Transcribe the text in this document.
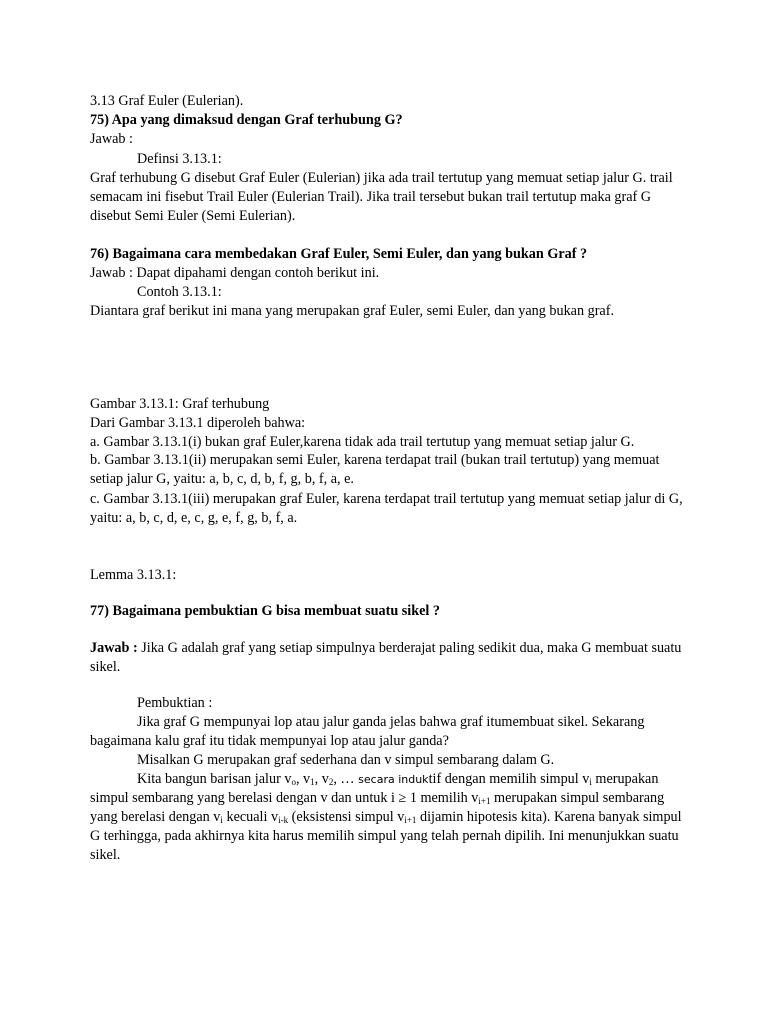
3.13 Graf Euler (Eulerian).

75) Apa yang dimaksud dengan Graf terhubung G?

Jawab :

Definsi 3.13.1:

Graf terhubung G disebut Graf Euler (Eulerian) jika ada trail tertutup yang memuat setiap jalur G. trail semacam ini fisebut Trail Euler (Eulerian Trail). Jika trail tersebut bukan trail tertutup maka graf G disebut Semi Euler (Semi Eulerian).

76) Bagaimana cara membedakan Graf Euler, Semi Euler, dan yang bukan Graf ?

Jawab : Dapat dipahami dengan contoh berikut ini.

Contoh 3.13.1:

Diantara graf berikut ini mana yang merupakan graf Euler, semi Euler, dan yang bukan graf.

Gambar 3.13.1: Graf terhubung

Dari Gambar 3.13.1 diperoleh bahwa:

a. Gambar 3.13.1(i) bukan graf Euler,karena tidak ada trail tertutup yang memuat setiap jalur G.

b. Gambar 3.13.1(ii) merupakan semi Euler, karena terdapat trail (bukan trail tertutup) yang memuat setiap jalur G, yaitu: a, b, c, d, b, f, g, b, f, a, e.

c. Gambar 3.13.1(iii) merupakan graf Euler, karena terdapat trail tertutup yang memuat setiap jalur di G, yaitu: a, b, c, d, e, c, g, e, f, g, b, f, a.

Lemma 3.13.1:

77) Bagaimana pembuktian G bisa membuat suatu sikel ?

Jawab : Jika G adalah graf yang setiap simpulnya berderajat paling sedikit dua, maka G membuat suatu sikel.

Pembuktian :

Jika graf G mempunyai lop atau jalur ganda jelas bahwa graf itumembuat sikel. Sekarang bagaimana kalu graf itu tidak mempunyai lop atau jalur ganda?

Misalkan G merupakan graf sederhana dan v simpul sembarang dalam G.

Kita bangun barisan jalur $v_o$, $v_1$, $v_2$, … secara induktif dengan memilih simpul $v_i$ merupakan simpul sembarang yang berelasi dengan v dan untuk i ≥ 1 memilih $v_{i+1}$ merupakan simpul sembarang yang berelasi dengan $v_i$ kecuali $v_{i-k}$ (eksistensi simpul $v_{i+1}$ dijamin hipotesis kita). Karena banyak simpul G terhingga, pada akhirnya kita harus memilih simpul yang telah pernah dipilih. Ini menunjukkan suatu sikel.
